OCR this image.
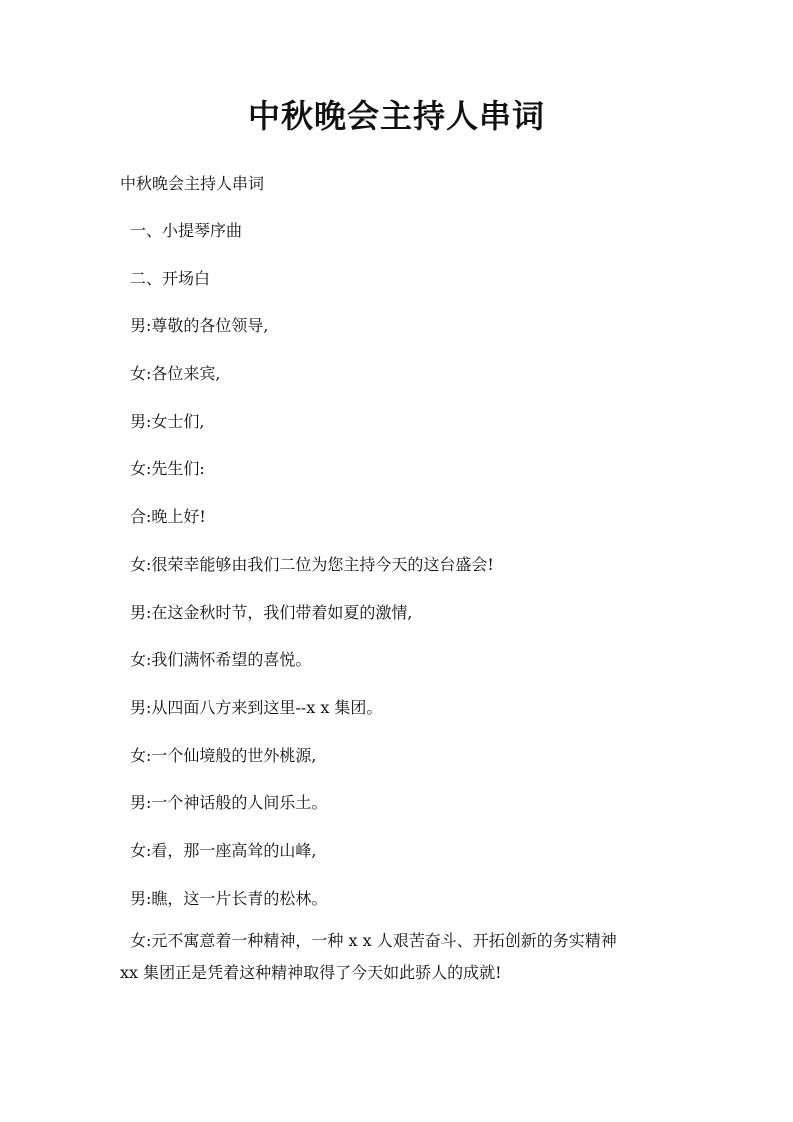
中秋晚会主持人串词
中秋晚会主持人串词
一、小提琴序曲
二、开场白
男:尊敬的各位领导,
女:各位来宾,
男:女士们,
女:先生们:
合:晚上好!
女:很荣幸能够由我们二位为您主持今天的这台盛会!
男:在这金秋时节，我们带着如夏的激情,
女:我们满怀希望的喜悦。
男:从四面八方来到这里--x x 集团。
女:一个仙境般的世外桃源,
男:一个神话般的人间乐土。
女:看，那一座高耸的山峰,
男:瞧，这一片长青的松林。

女:元不寓意着一种精神，一种 x x 人艰苦奋斗、开拓创新的务实精神
xx 集团正是凭着这种精神取得了今天如此骄人的成就!
